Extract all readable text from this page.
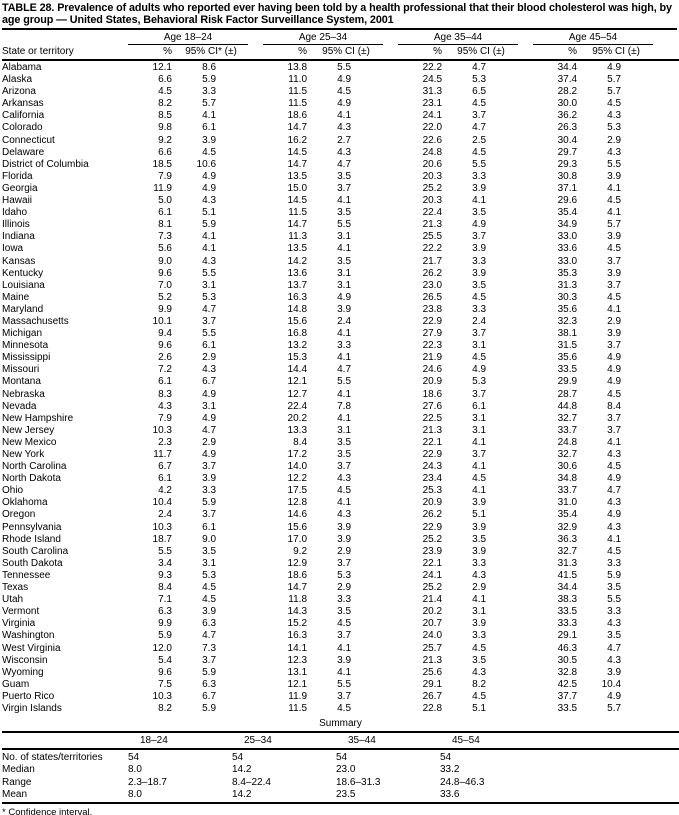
TABLE 28. Prevalence of adults who reported ever having been told by a health professional that their blood cholesterol was high, by age group — United States, Behavioral Risk Factor Surveillance System, 2001
	Age 18–24			Age 25–34			Age 35–44			Age 45–54		
State or territory	%	95% CI* (±)		%	95% CI (±)		%	95% CI (±)		%	95% CI (±)	
Alabama	12.1	8.6		13.8	5.5		22.2	4.7		34.4	4.9	
Alaska	6.6	5.9		11.0	4.9		24.5	5.3		37.4	5.7	
Arizona	4.5	3.3		11.5	4.5		31.3	6.5		28.2	5.7	
Arkansas	8.2	5.7		11.5	4.9		23.1	4.5		30.0	4.5	
California	8.5	4.1		18.6	4.1		24.1	3.7		36.2	4.3	
Colorado	9.8	6.1		14.7	4.3		22.0	4.7		26.3	5.3	
Connecticut	9.2	3.9		16.2	2.7		22.6	2.5		30.4	2.9	
Delaware	6.6	4.5		14.5	4.3		24.8	4.5		29.7	4.3	
District of Columbia	18.5	10.6		14.7	4.7		20.6	5.5		29.3	5.5	
Florida	7.9	4.9		13.5	3.5		20.3	3.3		30.8	3.9	
Georgia	11.9	4.9		15.0	3.7		25.2	3.9		37.1	4.1	
Hawaii	5.0	4.3		14.5	4.1		20.3	4.1		29.6	4.5	
Idaho	6.1	5.1		11.5	3.5		22.4	3.5		35.4	4.1	
Illinois	8.1	5.9		14.7	5.5		21.3	4.9		34.9	5.7	
Indiana	7.3	4.1		11.3	3.1		25.5	3.7		33.0	3.9	
Iowa	5.6	4.1		13.5	4.1		22.2	3.9		33.6	4.5	
Kansas	9.0	4.3		14.2	3.5		21.7	3.3		33.0	3.7	
Kentucky	9.6	5.5		13.6	3.1		26.2	3.9		35.3	3.9	
Louisiana	7.0	3.1		13.7	3.1		23.0	3.5		31.3	3.7	
Maine	5.2	5.3		16.3	4.9		26.5	4.5		30.3	4.5	
Maryland	9.9	4.7		14.8	3.9		23.8	3.3		35.6	4.1	
Massachusetts	10.1	3.7		15.6	2.4		22.9	2.4		32.3	2.9	
Michigan	9.4	5.5		16.8	4.1		27.9	3.7		38.1	3.9	
Minnesota	9.6	6.1		13.2	3.3		22.3	3.1		31.5	3.7	
Mississippi	2.6	2.9		15.3	4.1		21.9	4.5		35.6	4.9	
Missouri	7.2	4.3		14.4	4.7		24.6	4.9		33.5	4.9	
Montana	6.1	6.7		12.1	5.5		20.9	5.3		29.9	4.9	
Nebraska	8.3	4.9		12.7	4.1		18.6	3.7		28.7	4.5	
Nevada	4.3	3.1		22.4	7.8		27.6	6.1		44.8	8.4	
New Hampshire	7.9	4.9		20.2	4.1		22.5	3.1		32.7	3.7	
New Jersey	10.3	4.7		13.3	3.1		21.3	3.1		33.7	3.7	
New Mexico	2.3	2.9		8.4	3.5		22.1	4.1		24.8	4.1	
New York	11.7	4.9		17.2	3.5		22.9	3.7		32.7	4.3	
North Carolina	6.7	3.7		14.0	3.7		24.3	4.1		30.6	4.5	
North Dakota	6.1	3.9		12.2	4.3		23.4	4.5		34.8	4.9	
Ohio	4.2	3.3		17.5	4.5		25.3	4.1		33.7	4.7	
Oklahoma	10.4	5.9		12.8	4.1		20.9	3.9		31.0	4.3	
Oregon	2.4	3.7		14.6	4.3		26.2	5.1		35.4	4.9	
Pennsylvania	10.3	6.1		15.6	3.9		22.9	3.9		32.9	4.3	
Rhode Island	18.7	9.0		17.0	3.9		25.2	3.5		36.3	4.1	
South Carolina	5.5	3.5		9.2	2.9		23.9	3.9		32.7	4.5	
South Dakota	3.4	3.1		12.9	3.7		22.1	3.3		31.3	3.3	
Tennessee	9.3	5.3		18.6	5.3		24.1	4.3		41.5	5.9	
Texas	8.4	4.5		14.7	2.9		25.2	2.9		34.4	3.5	
Utah	7.1	4.5		11.8	3.3		21.4	4.1		38.3	5.5	
Vermont	6.3	3.9		14.3	3.5		20.2	3.1		33.5	3.3	
Virginia	9.9	6.3		15.2	4.5		20.7	3.9		33.3	4.3	
Washington	5.9	4.7		16.3	3.7		24.0	3.3		29.1	3.5	
West Virginia	12.0	7.3		14.1	4.1		25.7	4.5		46.3	4.7	
Wisconsin	5.4	3.7		12.3	3.9		21.3	3.5		30.5	4.3	
Wyoming	9.6	5.9		13.1	4.1		25.6	4.3		32.8	3.9	
Guam	7.5	6.3		12.1	5.5		29.1	8.2		42.5	10.4	
Puerto Rico	10.3	6.7		11.9	3.7		26.7	4.5		37.7	4.9	
Virgin Islands	8.2	5.9		11.5	4.5		22.8	5.1		33.5	5.7	
Summary
	18–24	25–34	35–44	45–54	
No. of states/territories	54	54	54	54	
Median	8.0	14.2	23.0	33.2	
Range	2.3–18.7	8.4–22.4	18.6–31.3	24.8–46.3	
Mean	8.0	14.2	23.5	33.6	
* Confidence interval.
